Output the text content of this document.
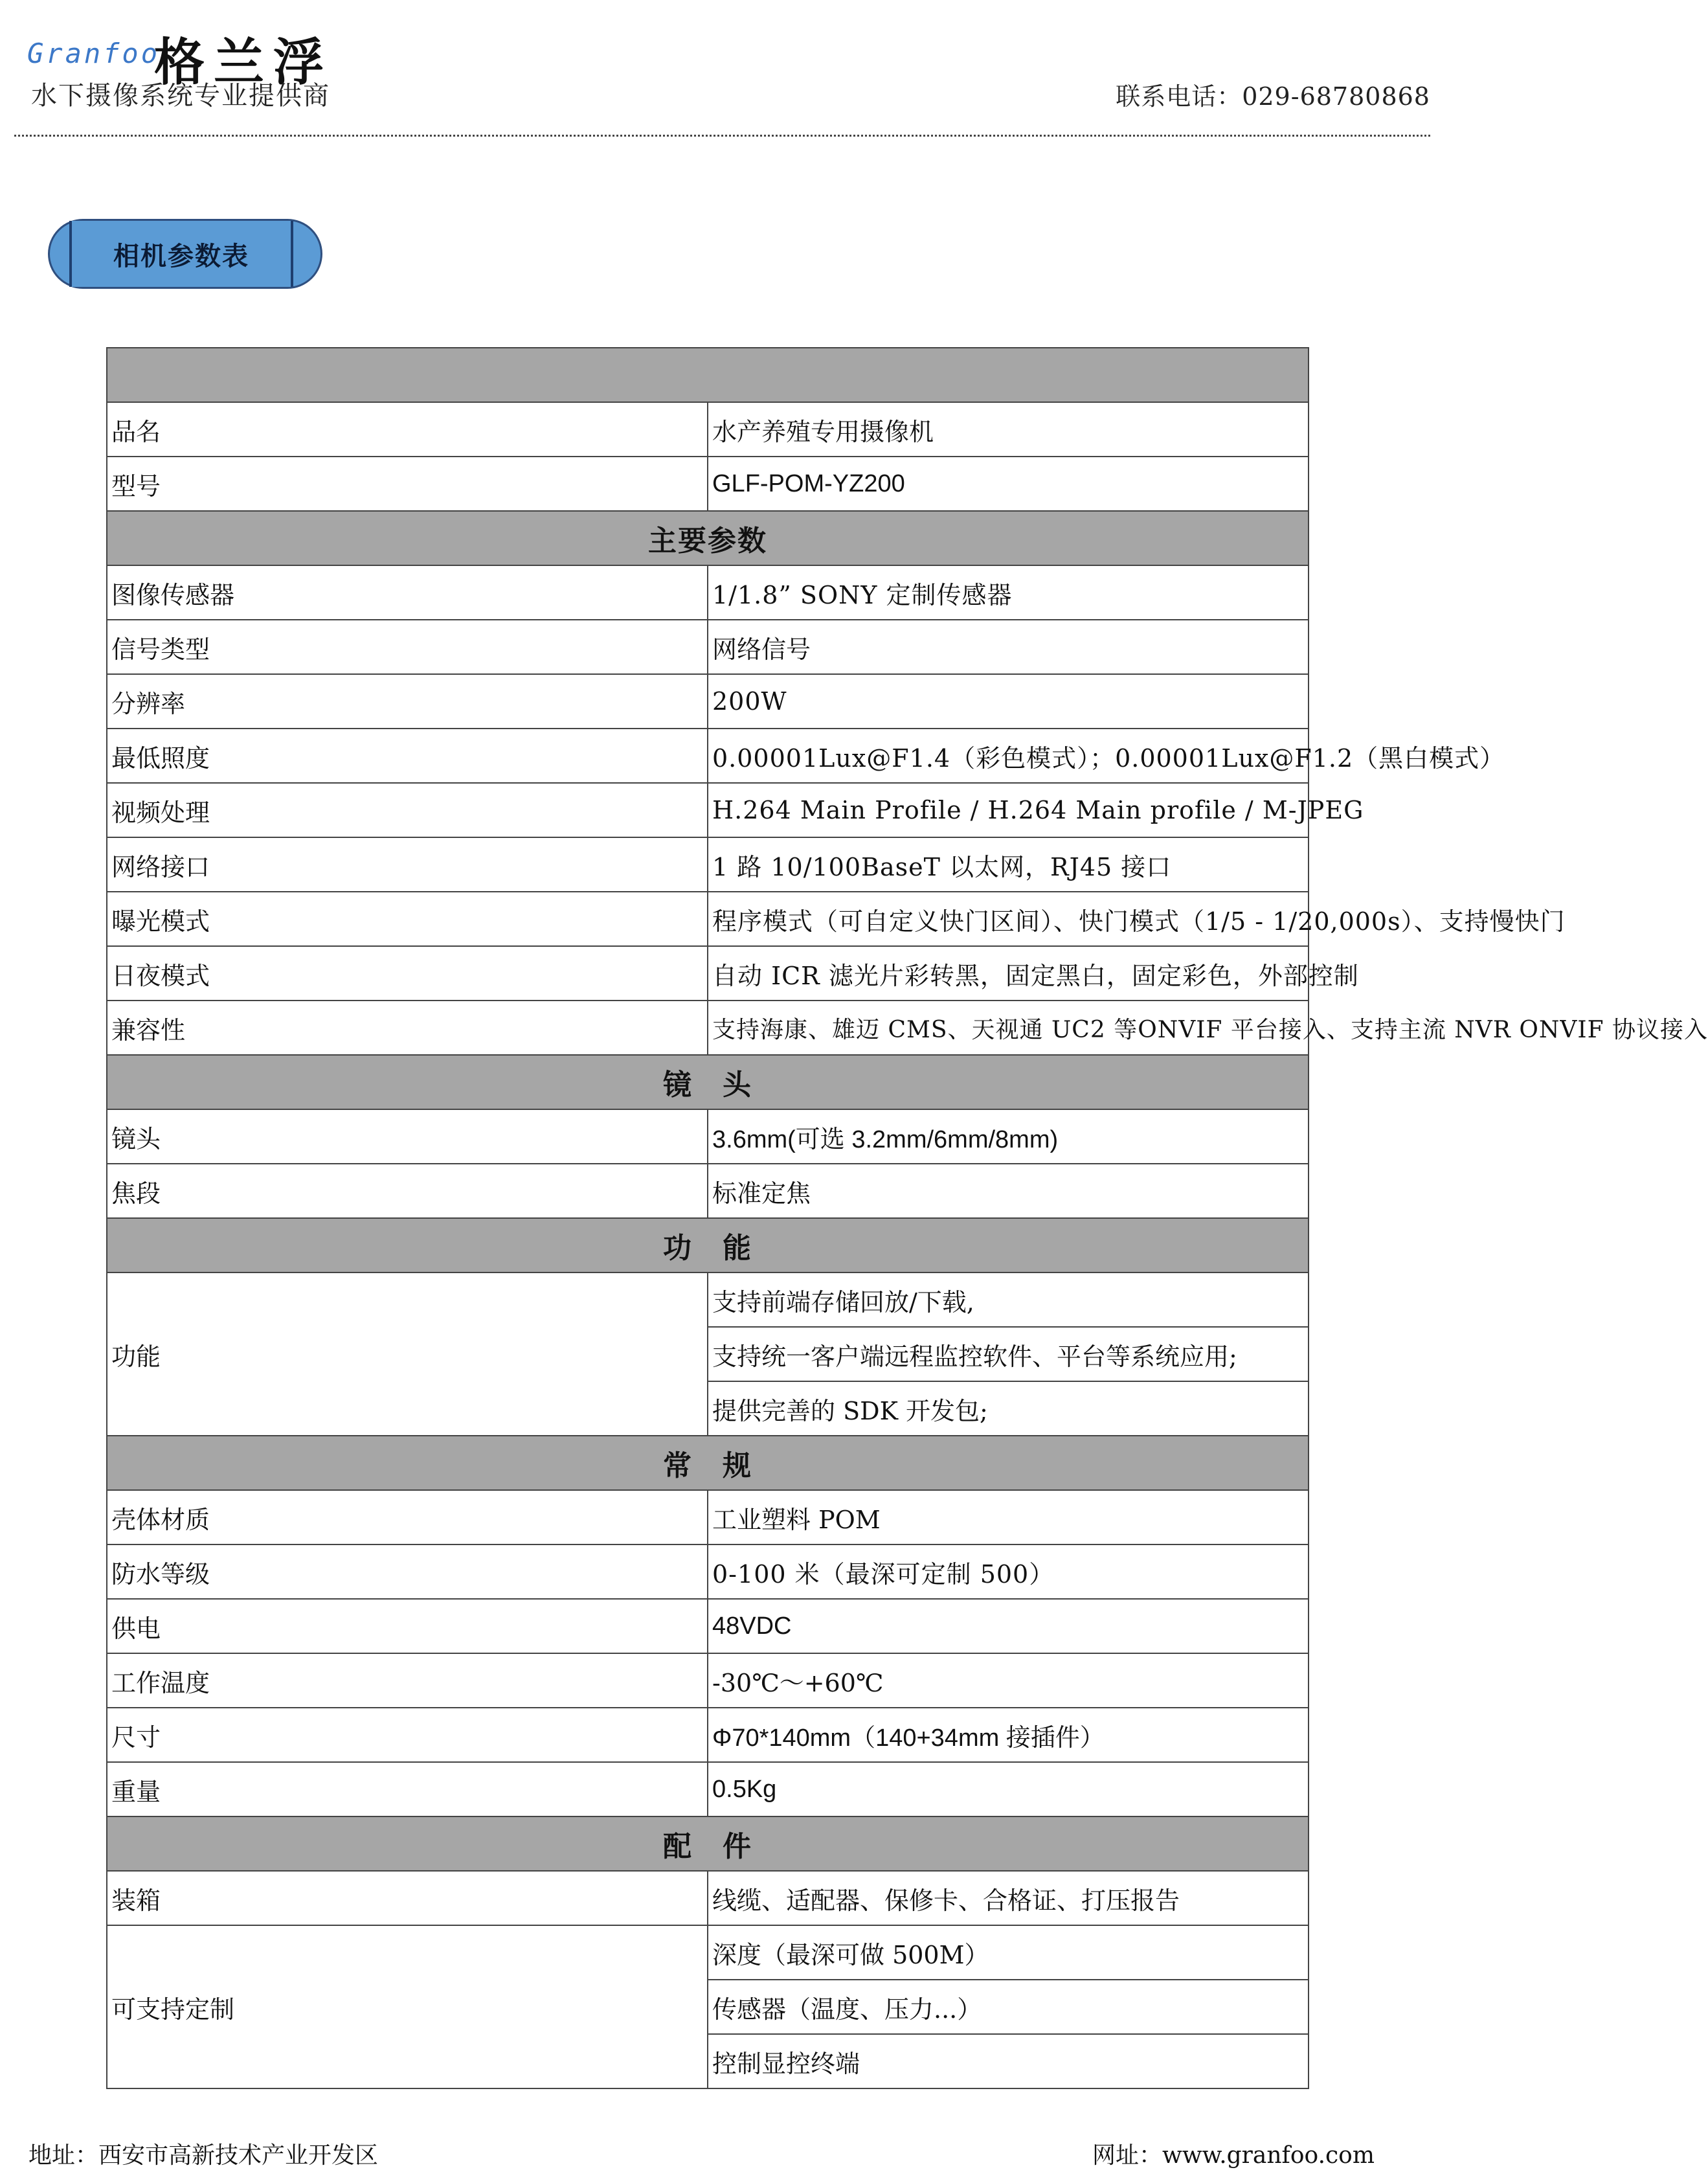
Granfoo
格兰浮
水下摄像系统专业提供商	联系电话：029-68780868
相机参数表

品名	水产养殖专用摄像机
型号	GLF-POM-YZ200
主要参数	
图像传感器	1/1.8” SONY 定制传感器
信号类型	网络信号
分辨率	200W
最低照度	0.00001Lux@F1.4（彩色模式）；0.00001Lux@F1.2（黑白模式）
视频处理	H.264 Main Profile / H.264 Main profile / M-JPEG
网络接口	1 路 10/100BaseT 以太网，RJ45 接口
曝光模式	程序模式（可自定义快门区间）、快门模式（1/5 - 1/20,000s）、支持慢快门
日夜模式	自动 ICR 滤光片彩转黑，固定黑白，固定彩色，外部控制
兼容性	支持海康、雄迈 CMS、天视通 UC2 等ONVIF 平台接入、支持主流 NVR ONVIF 协议接入
镜　头	
镜头	3.6mm(可选 3.2mm/6mm/8mm)
焦段	标准定焦
功　能	
功能	支持前端存储回放/下载,
	支持统一客户端远程监控软件、平台等系统应用;
	提供完善的 SDK 开发包;
常　规	
壳体材质	工业塑料 POM
防水等级	0-100 米（最深可定制 500）
供电	48VDC
工作温度	-30℃～+60℃
尺寸	Φ70*140mm（140+34mm 接插件）
重量	0.5Kg
配　件	
装箱	线缆、适配器、保修卡、合格证、打压报告
可支持定制	深度（最深可做 500M）
	传感器（温度、压力...）
	控制显控终端
地址：西安市高新技术产业开发区	网址：www.granfoo.com
